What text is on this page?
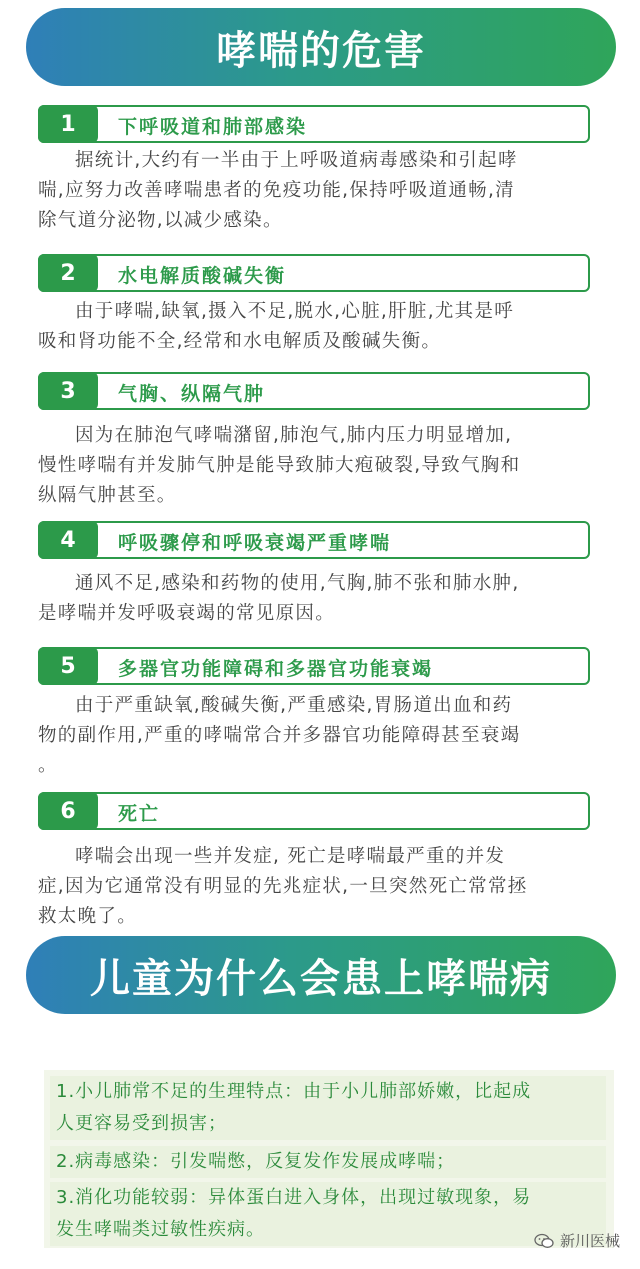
哮喘的危害
1	下呼吸道和肺部感染
据统计,大约有一半由于上呼吸道病毒感染和引起哮
喘,应努力改善哮喘患者的免疫功能,保持呼吸道通畅,清
除气道分泌物,以减少感染。
2	水电解质酸碱失衡
由于哮喘,缺氧,摄入不足,脱水,心脏,肝脏,尤其是呼
吸和肾功能不全,经常和水电解质及酸碱失衡。
3	气胸、纵隔气肿
因为在肺泡气哮喘潴留,肺泡气,肺内压力明显增加,
慢性哮喘有并发肺气肿是能导致肺大疱破裂,导致气胸和
纵隔气肿甚至。
4	呼吸骤停和呼吸衰竭严重哮喘
通风不足,感染和药物的使用,气胸,肺不张和肺水肿,
是哮喘并发呼吸衰竭的常见原因。
5	多器官功能障碍和多器官功能衰竭
由于严重缺氧,酸碱失衡,严重感染,胃肠道出血和药
物的副作用,严重的哮喘常合并多器官功能障碍甚至衰竭
。
6	死亡
哮喘会出现一些并发症, 死亡是哮喘最严重的并发
症,因为它通常没有明显的先兆症状,一旦突然死亡常常拯
救太晚了。
儿童为什么会患上哮喘病
1.小儿肺常不足的生理特点：由于小儿肺部娇嫩，比起成
人更容易受到损害；
2.病毒感染：引发喘憋，反复发作发展成哮喘；
3.消化功能较弱：异体蛋白进入身体，出现过敏现象，易
发生哮喘类过敏性疾病。
新川医械
